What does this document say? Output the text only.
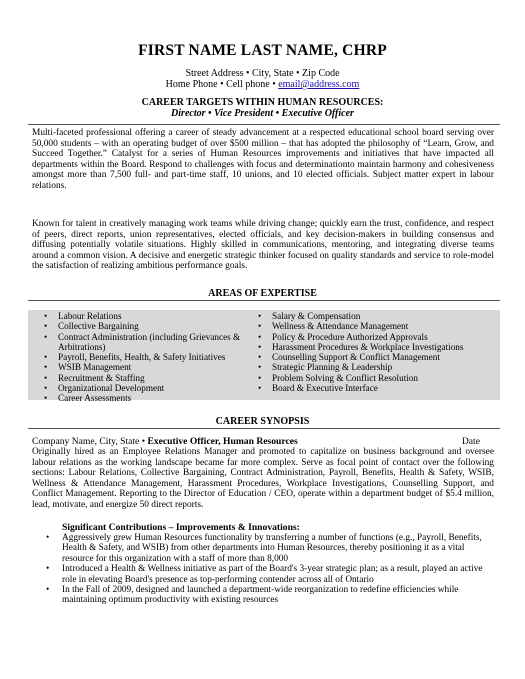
FIRST NAME LAST NAME, CHRP
Street Address • City, State • Zip Code
Home Phone • Cell phone • email@address.com
CAREER TARGETS WITHIN HUMAN RESOURCES:
Director • Vice President • Executive Officer
Multi-faceted professional offering a career of steady advancement at a respected educational school board serving over 50,000 students – with an operating budget of over $500 million – that has adopted the philosophy of “Learn, Grow, and Succeed Together.” Catalyst for a series of Human Resources improvements and initiatives that have impacted all departments within the Board. Respond to challenges with focus and determinationto maintain harmony and cohesiveness amongst more than 7,500 full- and part-time staff, 10 unions, and 10 elected officials. Subject matter expert in labour relations.
Known for talent in creatively managing work teams while driving change; quickly earn the trust, confidence, and respect of peers, direct reports, union representatives, elected officials, and key decision-makers in building consensus and diffusing potentially volatile situations. Highly skilled in communications, mentoring, and integrating diverse teams around a common vision. A decisive and energetic strategic thinker focused on quality standards and service to role-model the satisfaction of realizing ambitious performance goals.
AREAS OF EXPERTISE
• Labour Relations
• Collective Bargaining
• Contract Administration (including Grievances & Arbitrations)
• Payroll, Benefits, Health, & Safety Initiatives
• WSIB Management
• Recruitment & Staffing
• Organizational Development
• Career Assessments
• Salary & Compensation
• Wellness & Attendance Management
• Policy & Procedure Authorized Approvals
• Harassment Procedures & Workplace Investigations
• Counselling Support & Conflict Management
• Strategic Planning & Leadership
• Problem Solving & Conflict Resolution
• Board & Executive Interface
CAREER SYNOPSIS
Company Name, City, State • Executive Officer, Human Resources	Date
Originally hired as an Employee Relations Manager and promoted to capitalize on business background and oversee labour relations as the working landscape became far more complex. Serve as focal point of contact over the following sections: Labour Relations, Collective Bargaining, Contract Administration, Payroll, Benefits, Health & Safety, WSIB, Wellness & Attendance Management, Harassment Procedures, Workplace Investigations, Counselling Support, and Conflict Management. Reporting to the Director of Education / CEO, operate within a department budget of $5.4 million, lead, motivate, and energize 50 direct reports.
Significant Contributions – Improvements & Innovations:
• Aggressively grew Human Resources functionality by transferring a number of functions (e.g., Payroll, Benefits, Health & Safety, and WSIB) from other departments into Human Resources, thereby positioning it as a vital resource for this organization with a staff of more than 8,000
• Introduced a Health & Wellness initiative as part of the Board's 3-year strategic plan; as a result, played an active role in elevating Board's presence as top-performing contender across all of Ontario
• In the Fall of 2009, designed and launched a department-wide reorganization to redefine efficiencies while maintaining optimum productivity with existing resources
